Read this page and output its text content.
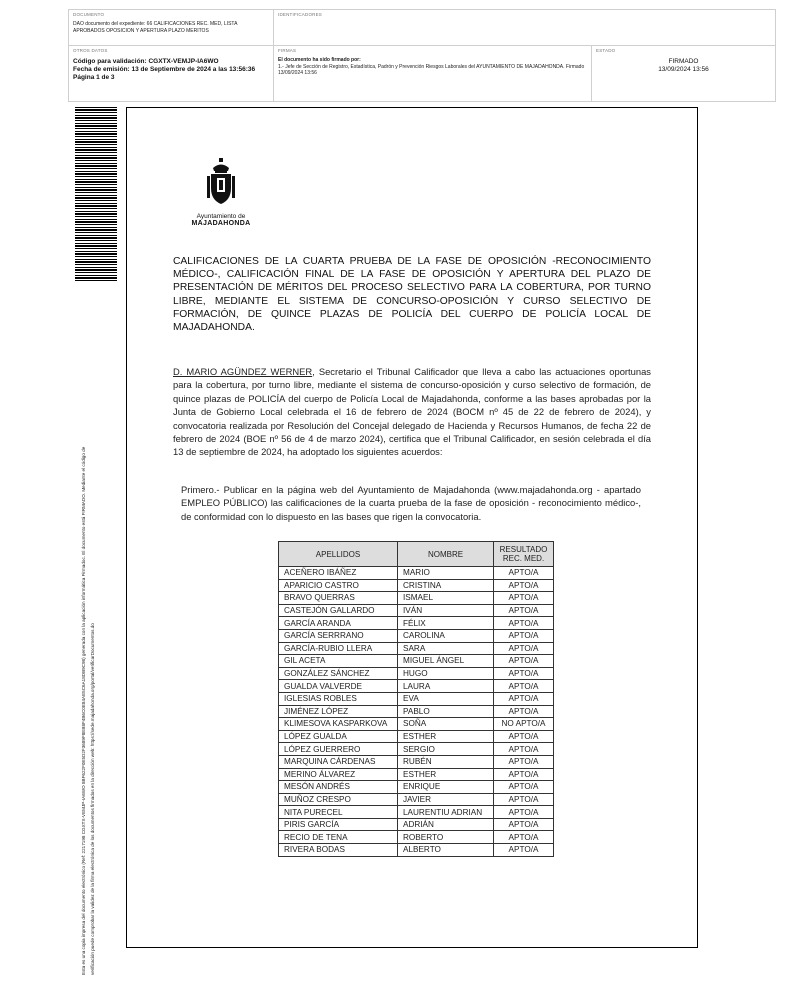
DOCUMENTO
DAO documento del expediente: 66 CALIFICACIONES REC. MED, LISTA APROBADOS OPOSICION Y APERTURA PLAZO MERITOS
IDENTIFICADORES
OTROS DATOS
Código para validación: CGXTX-VEMJP-IA6WO
Fecha de emisión: 13 de Septiembre de 2024 a las 13:56:36
Página 1 de 3
FIRMAS
El documento ha sido firmado por:
1.- Jefe de Sección de Registro, Estadística, Padrón y Prevención Riesgos Laborales del AYUNTAMIENTO DE MAJADAHONDA. Firmado 13/09/2024 13:56
ESTADO
FIRMADO
13/09/2024 13:56

Esta es una copia impresa del documento electrónico (Ref: 2217198 CGXTX-VEMJP-IA6WO 8BF622F0E5D2F3689F8EB8F4B6C0E84AE5C6A18DB9C98) generada con la aplicación informática Firmadoc. El documento está FIRMADO. Mediante el código de verificación puede comprobar la validez de la firma electrónica de los documentos firmados en la dirección web: https://sede.majadahonda.org/portal/verificarDocumentos.do

Ayuntamiento de
MAJADAHONDA
CALIFICACIONES DE LA CUARTA PRUEBA DE LA FASE DE OPOSICIÓN -RECONOCIMIENTO MÉDICO-, CALIFICACIÓN FINAL DE LA FASE DE OPOSICIÓN Y APERTURA DEL PLAZO DE PRESENTACIÓN DE MÉRITOS DEL PROCESO SELECTIVO PARA LA COBERTURA, POR TURNO LIBRE, MEDIANTE EL SISTEMA DE CONCURSO-OPOSICIÓN Y CURSO SELECTIVO DE FORMACIÓN, DE QUINCE PLAZAS DE POLICÍA DEL CUERPO DE POLICÍA LOCAL DE MAJADAHONDA.
D. MARIO AGÜNDEZ WERNER, Secretario el Tribunal Calificador que lleva a cabo las actuaciones oportunas para la cobertura, por turno libre, mediante el sistema de concurso-oposición y curso selectivo de formación, de quince plazas de POLICÍA del cuerpo de Policía Local de Majadahonda, conforme a las bases aprobadas por la Junta de Gobierno Local celebrada el 16 de febrero de 2024 (BOCM nº 45 de 22 de febrero de 2024), y convocatoria realizada por Resolución del Concejal delegado de Hacienda y Recursos Humanos, de fecha 22 de febrero de 2024 (BOE nº 56 de 4 de marzo 2024), certifica que el Tribunal Calificador, en sesión celebrada el día 13 de septiembre de 2024, ha adoptado los siguientes acuerdos:
Primero.- Publicar en la página web del Ayuntamiento de Majadahonda (www.majadahonda.org - apartado EMPLEO PÚBLICO) las calificaciones de la cuarta prueba de la fase de oposición - reconocimiento médico-, de conformidad con lo dispuesto en las bases que rigen la convocatoria.
APELLIDOS	NOMBRE	RESULTADO REC. MED.
ACEÑERO IBÁÑEZ	MARIO	APTO/A
APARICIO CASTRO	CRISTINA	APTO/A
BRAVO QUERRAS	ISMAEL	APTO/A
CASTEJÓN GALLARDO	IVÁN	APTO/A
GARCÍA ARANDA	FÉLIX	APTO/A
GARCÍA SERRRANO	CAROLINA	APTO/A
GARCÍA-RUBIO LLERA	SARA	APTO/A
GIL ACETA	MIGUEL ÁNGEL	APTO/A
GONZÁLEZ SÁNCHEZ	HUGO	APTO/A
GUALDA VALVERDE	LAURA	APTO/A
IGLESIAS ROBLES	EVA	APTO/A
JIMÉNEZ LÓPEZ	PABLO	APTO/A
KLIMESOVA KASPARKOVA	SOÑA	NO APTO/A
LÓPEZ GUALDA	ESTHER	APTO/A
LÓPEZ GUERRERO	SERGIO	APTO/A
MARQUINA CÁRDENAS	RUBÉN	APTO/A
MERINO ÁLVAREZ	ESTHER	APTO/A
MESÓN ANDRÉS	ENRIQUE	APTO/A
MUÑOZ CRESPO	JAVIER	APTO/A
NITA PURECEL	LAURENTIU ADRIAN	APTO/A
PIRIS GARCÍA	ADRIÁN	APTO/A
RECIO DE TENA	ROBERTO	APTO/A
RIVERA BODAS	ALBERTO	APTO/A
